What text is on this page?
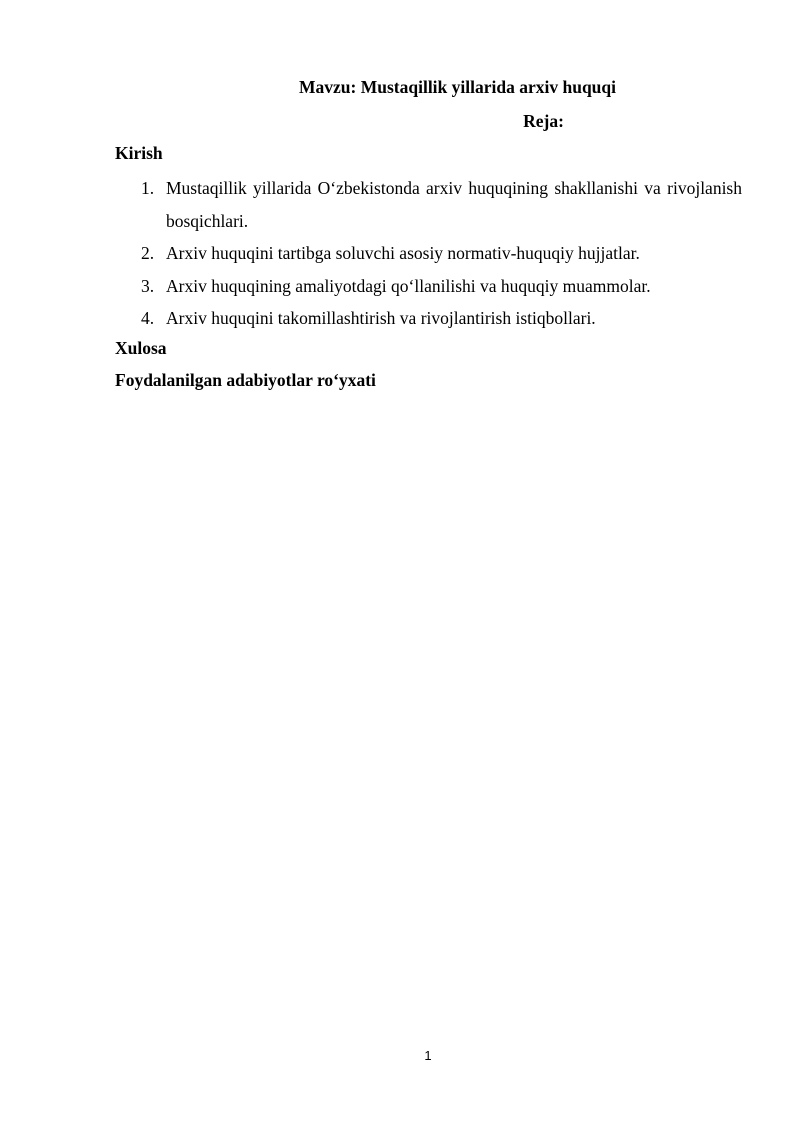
Mavzu: Mustaqillik yillarida arxiv huquqi
Reja:
Kirish
1. Mustaqillik yillarida O‘zbekistonda arxiv huquqining shakllanishi va rivojlanish bosqichlari.
2. Arxiv huquqini tartibga soluvchi asosiy normativ-huquqiy hujjatlar.
3. Arxiv huquqining amaliyotdagi qo‘llanilishi va huquqiy muammolar.
4. Arxiv huquqini takomillashtirish va rivojlantirish istiqbollari.
Xulosa
Foydalanilgan adabiyotlar ro‘yxati
1
